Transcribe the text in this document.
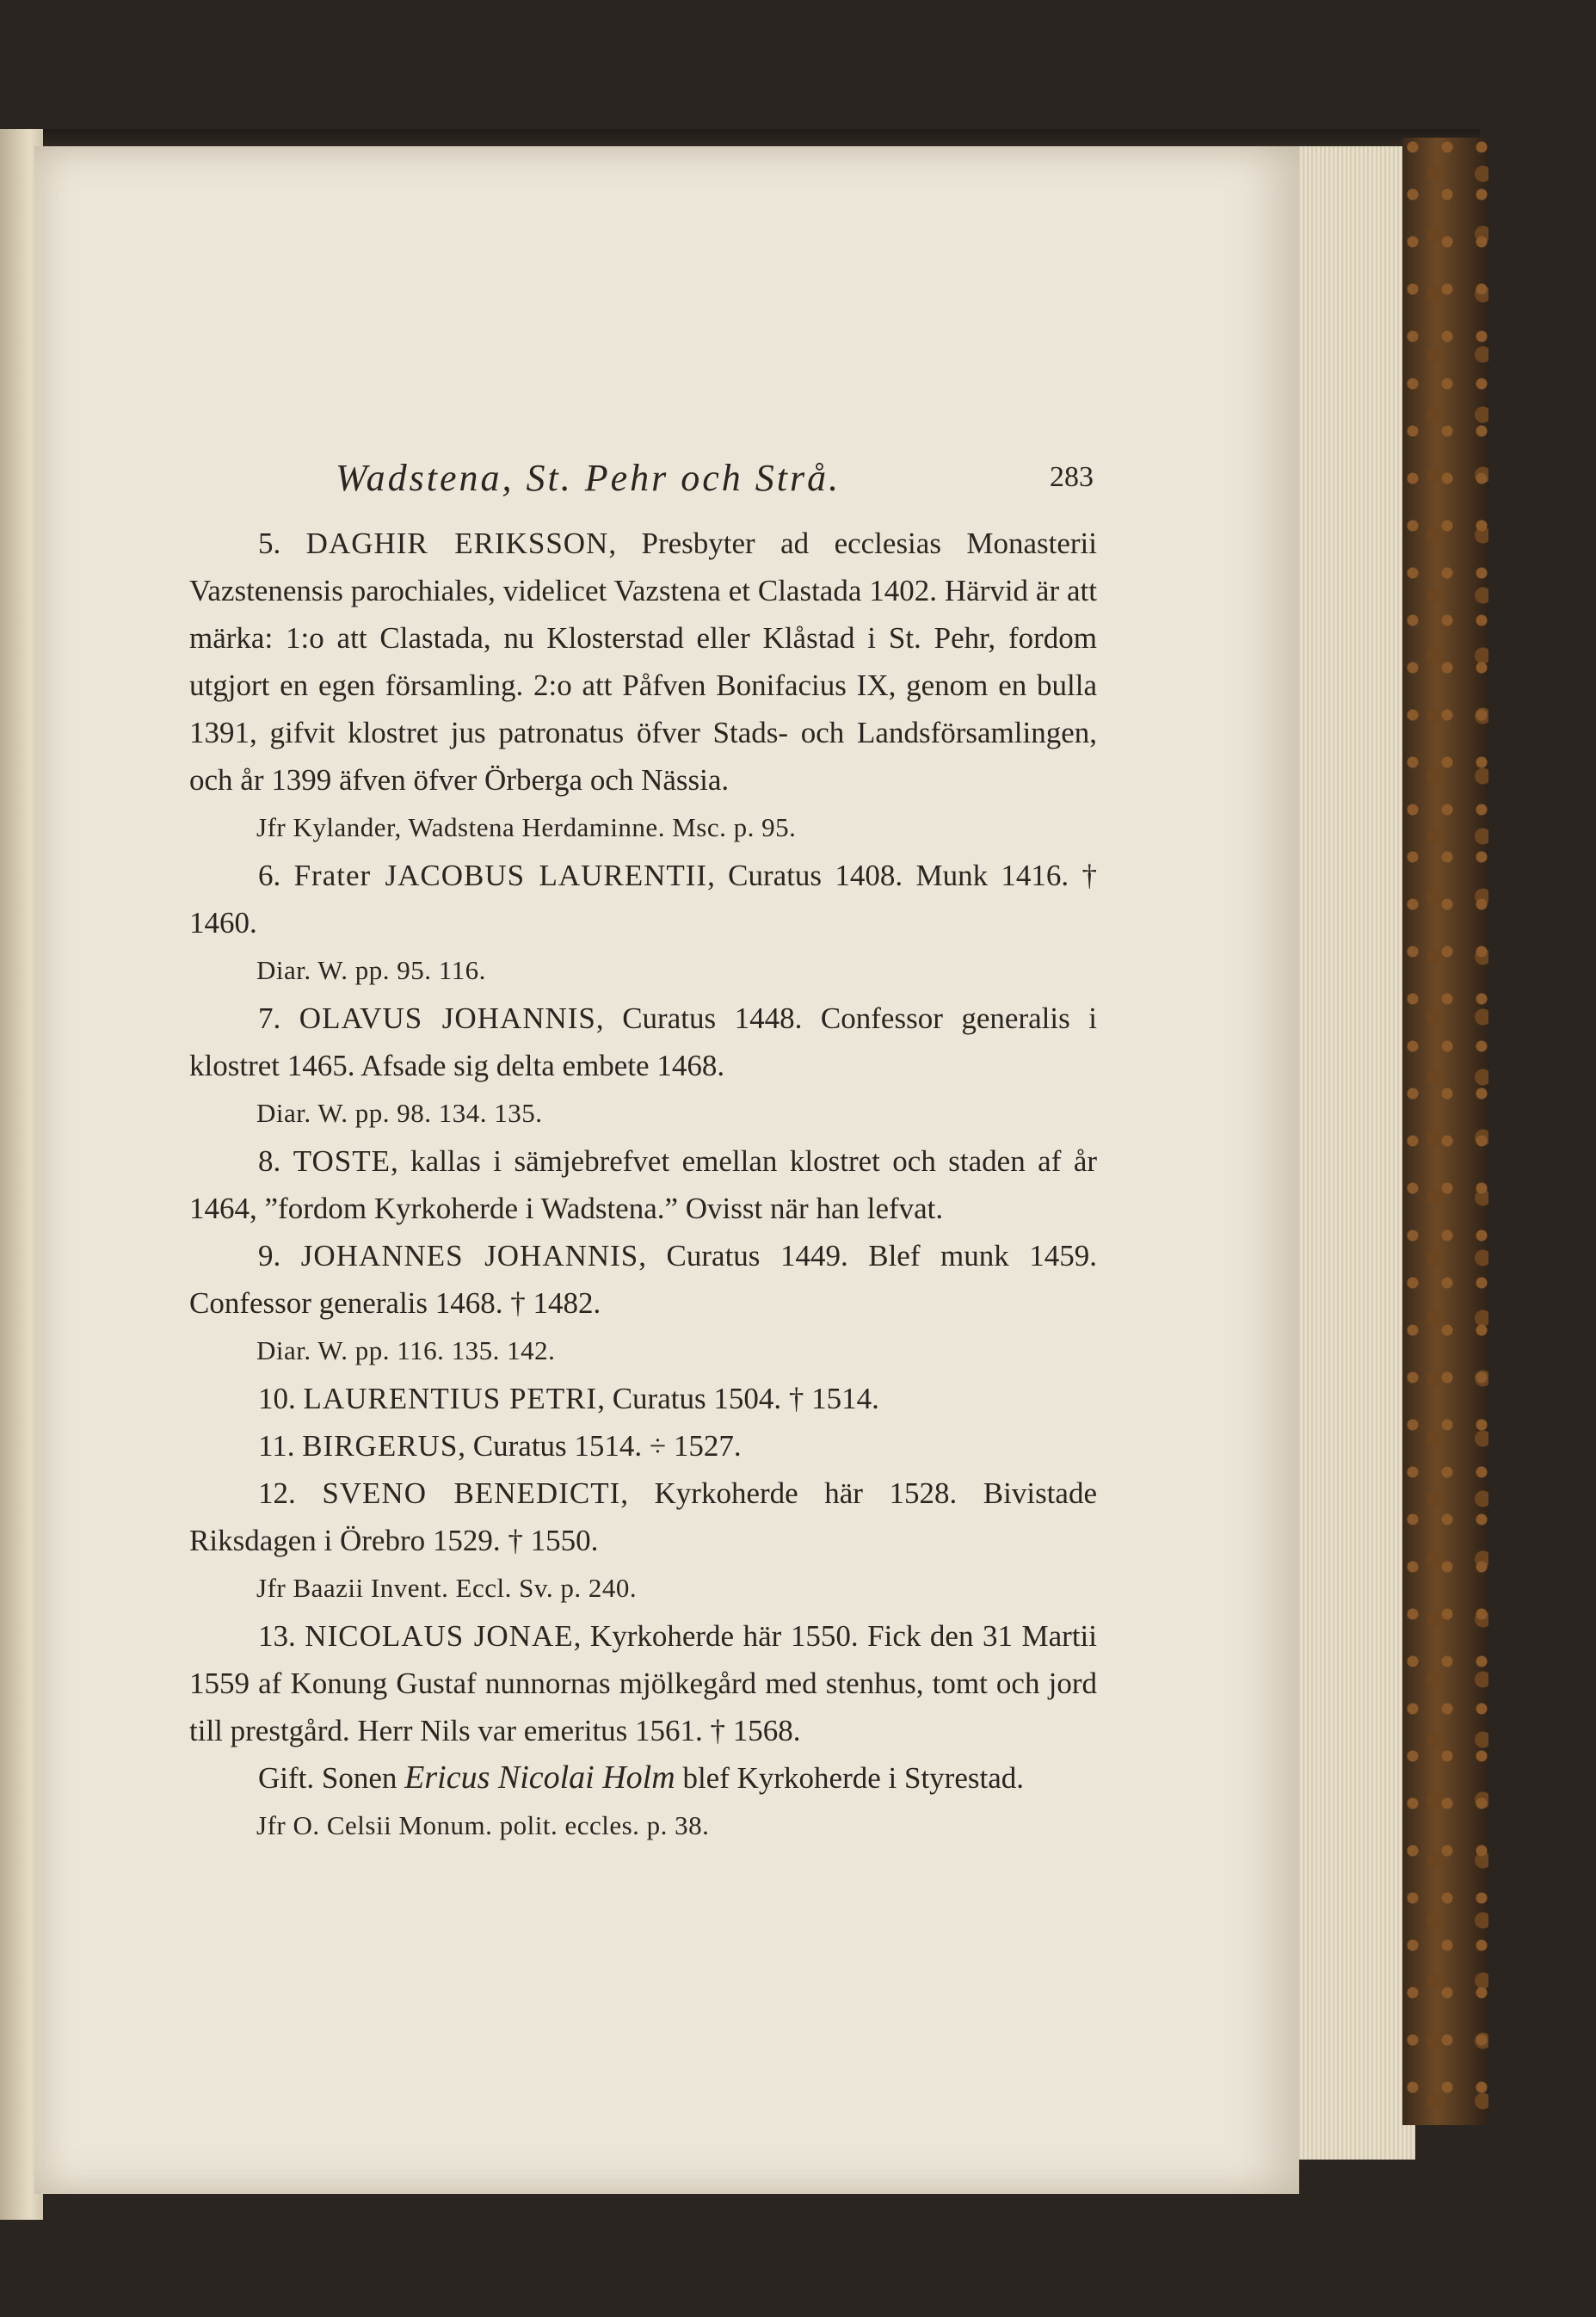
Wadstena, St. Pehr och Strå.	283

5. DAGHIR ERIKSSON, Presbyter ad ecclesias Monasterii Vazstenensis parochiales, videlicet Vazstena et Clastada 1402. Härvid är att märka: 1:o att Clastada, nu Klosterstad eller Klåstad i St. Pehr, fordom utgjort en egen församling. 2:o att Påfven Bonifacius IX, genom en bulla 1391, gifvit klostret jus patronatus öfver Stads- och Landsförsamlingen, och år 1399 äfven öfver Örberga och Nässia.

Jfr Kylander, Wadstena Herdaminne. Msc. p. 95.

6. Frater JACOBUS LAURENTII, Curatus 1408. Munk 1416. † 1460.

Diar. W. pp. 95. 116.

7. OLAVUS JOHANNIS, Curatus 1448. Confessor generalis i klostret 1465. Afsade sig delta embete 1468.

Diar. W. pp. 98. 134. 135.

8. TOSTE, kallas i sämjebrefvet emellan klostret och staden af år 1464, ”fordom Kyrkoherde i Wadstena.” Ovisst när han lefvat.

9. JOHANNES JOHANNIS, Curatus 1449. Blef munk 1459. Confessor generalis 1468. † 1482.

Diar. W. pp. 116. 135. 142.

10. LAURENTIUS PETRI, Curatus 1504. † 1514.

11. BIRGERUS, Curatus 1514. ÷ 1527.

12. SVENO BENEDICTI, Kyrkoherde här 1528. Bivistade Riksdagen i Örebro 1529. † 1550.

Jfr Baazii Invent. Eccl. Sv. p. 240.

13. NICOLAUS JONAE, Kyrkoherde här 1550. Fick den 31 Martii 1559 af Konung Gustaf nunnornas mjölkegård med stenhus, tomt och jord till prestgård. Herr Nils var emeritus 1561. † 1568.

Gift. Sonen Ericus Nicolai Holm blef Kyrkoherde i Styrestad.

Jfr O. Celsii Monum. polit. eccles. p. 38.
